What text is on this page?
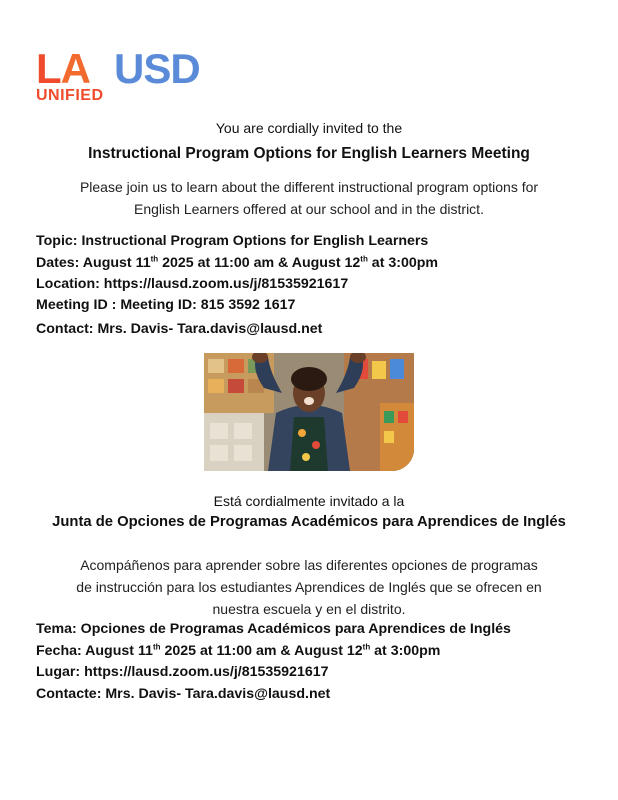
LA USD
UNIFIED
You are cordially invited to the
Instructional Program Options for English Learners Meeting
Please join us to learn about the different instructional program options for
English Learners offered at our school and in the district.
Topic: Instructional Program Options for English Learners
Dates: August 11th 2025 at 11:00 am & August 12th at 3:00pm
Location: https://lausd.zoom.us/j/81535921617
Meeting ID : Meeting ID: 815 3592 1617
Contact: Mrs. Davis- Tara.davis@lausd.net
Está cordialmente invitado a la
Junta de Opciones de Programas Académicos para Aprendices de Inglés
Acompáñenos para aprender sobre las diferentes opciones de programas
de instrucción para los estudiantes Aprendices de Inglés que se ofrecen en
nuestra escuela y en el distrito.
Tema: Opciones de Programas Académicos para Aprendices de Inglés
Fecha: August 11th 2025 at 11:00 am & August 12th at 3:00pm
Lugar: https://lausd.zoom.us/j/81535921617
Contacte: Mrs. Davis- Tara.davis@lausd.net
